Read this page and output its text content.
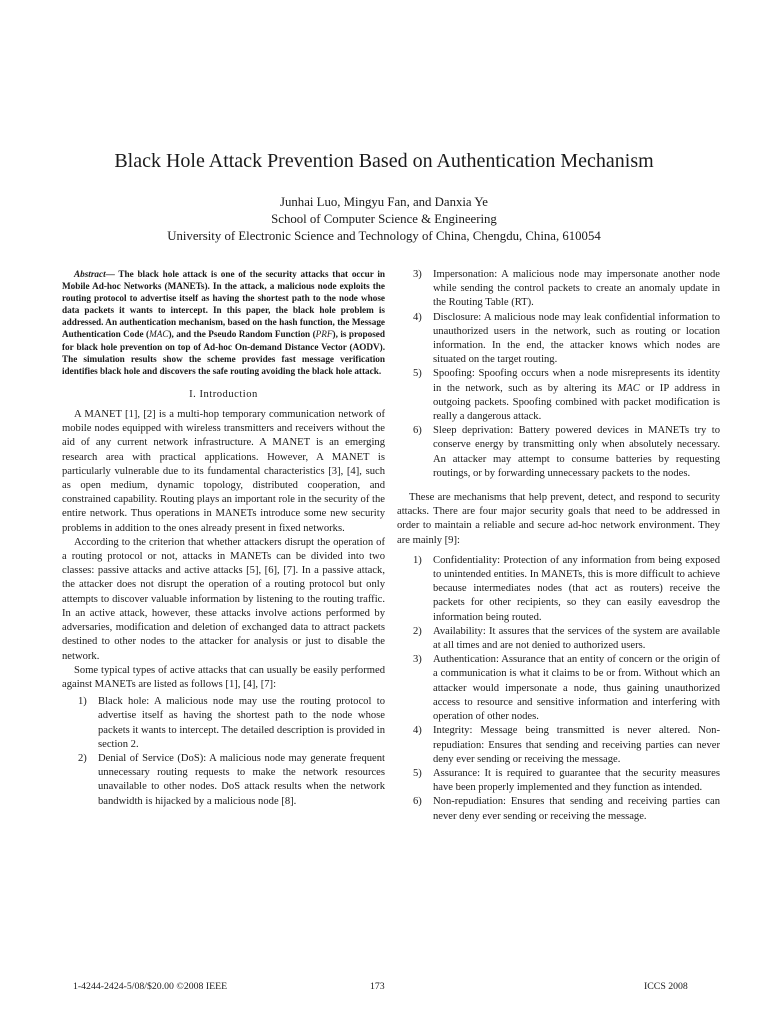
Black Hole Attack Prevention Based on Authentication Mechanism
Junhai Luo, Mingyu Fan, and Danxia Ye
School of Computer Science & Engineering
University of Electronic Science and Technology of China, Chengdu, China, 610054

Abstract— The black hole attack is one of the security attacks that occur in Mobile Ad-hoc Networks (MANETs). In the attack, a malicious node exploits the routing protocol to advertise itself as having the shortest path to the node whose data packets it wants to intercept. In this paper, the black hole problem is addressed. An authentication mechanism, based on the hash function, the Message Authentication Code (MAC), and the Pseudo Random Function (PRF), is proposed for black hole prevention on top of Ad-hoc On-demand Distance Vector (AODV). The simulation results show the scheme provides fast message verification identifies black hole and discovers the safe routing avoiding the black hole attack.

I. Introduction

A MANET [1], [2] is a multi-hop temporary communication network of mobile nodes equipped with wireless transmitters and receivers without the aid of any current network infrastructure. A MANET is an emerging research area with practical applications. However, A MANET is particularly vulnerable due to its fundamental characteristics [3], [4], such as open medium, dynamic topology, distributed cooperation, and constrained capability. Routing plays an important role in the security of the entire network. Thus operations in MANETs introduce some new security problems in addition to the ones already present in fixed networks.

According to the criterion that whether attackers disrupt the operation of a routing protocol or not, attacks in MANETs can be divided into two classes: passive attacks and active attacks [5], [6], [7]. In a passive attack, the attacker does not disrupt the operation of a routing protocol but only attempts to discover valuable information by listening to the routing traffic. In an active attack, however, these attacks involve actions performed by adversaries, modification and deletion of exchanged data to attract packets destined to other nodes to the attacker for analysis or just to disable the network.

Some typical types of active attacks that can usually be easily performed against MANETs are listed as follows [1], [4], [7]:

1) Black hole: A malicious node may use the routing protocol to advertise itself as having the shortest path to the node whose packets it wants to intercept. The detailed description is provided in section 2.
2) Denial of Service (DoS): A malicious node may generate frequent unnecessary routing requests to make the network resources unavailable to other nodes. DoS attack results when the network bandwidth is hijacked by a malicious node [8].
3) Impersonation: A malicious node may impersonate another node while sending the control packets to create an anomaly update in the Routing Table (RT).
4) Disclosure: A malicious node may leak confidential information to unauthorized users in the network, such as routing or location information. In the end, the attacker knows which nodes are situated on the target routing.
5) Spoofing: Spoofing occurs when a node misrepresents its identity in the network, such as by altering its MAC or IP address in outgoing packets. Spoofing combined with packet modification is really a dangerous attack.
6) Sleep deprivation: Battery powered devices in MANETs try to conserve energy by transmitting only when absolutely necessary. An attacker may attempt to consume batteries by requesting routings, or by forwarding unnecessary packets to the nodes.

These are mechanisms that help prevent, detect, and respond to security attacks. There are four major security goals that need to be addressed in order to maintain a reliable and secure ad-hoc network environment. They are mainly [9]:

1) Confidentiality: Protection of any information from being exposed to unintended entities. In MANETs, this is more difficult to achieve because intermediates nodes (that act as routers) receive the packets for other recipients, so they can easily eavesdrop the information being routed.
2) Availability: It assures that the services of the system are available at all times and are not denied to authorized users.
3) Authentication: Assurance that an entity of concern or the origin of a communication is what it claims to be or from. Without which an attacker would impersonate a node, thus gaining unauthorized access to resource and sensitive information and interfering with operation of other nodes.
4) Integrity: Message being transmitted is never altered. Non-repudiation: Ensures that sending and receiving parties can never deny ever sending or receiving the message.
5) Assurance: It is required to guarantee that the security measures have been properly implemented and they function as intended.
6) Non-repudiation: Ensures that sending and receiving parties can never deny ever sending or receiving the message.
1-4244-2424-5/08/$20.00 ©2008 IEEE	173	ICCS 2008
